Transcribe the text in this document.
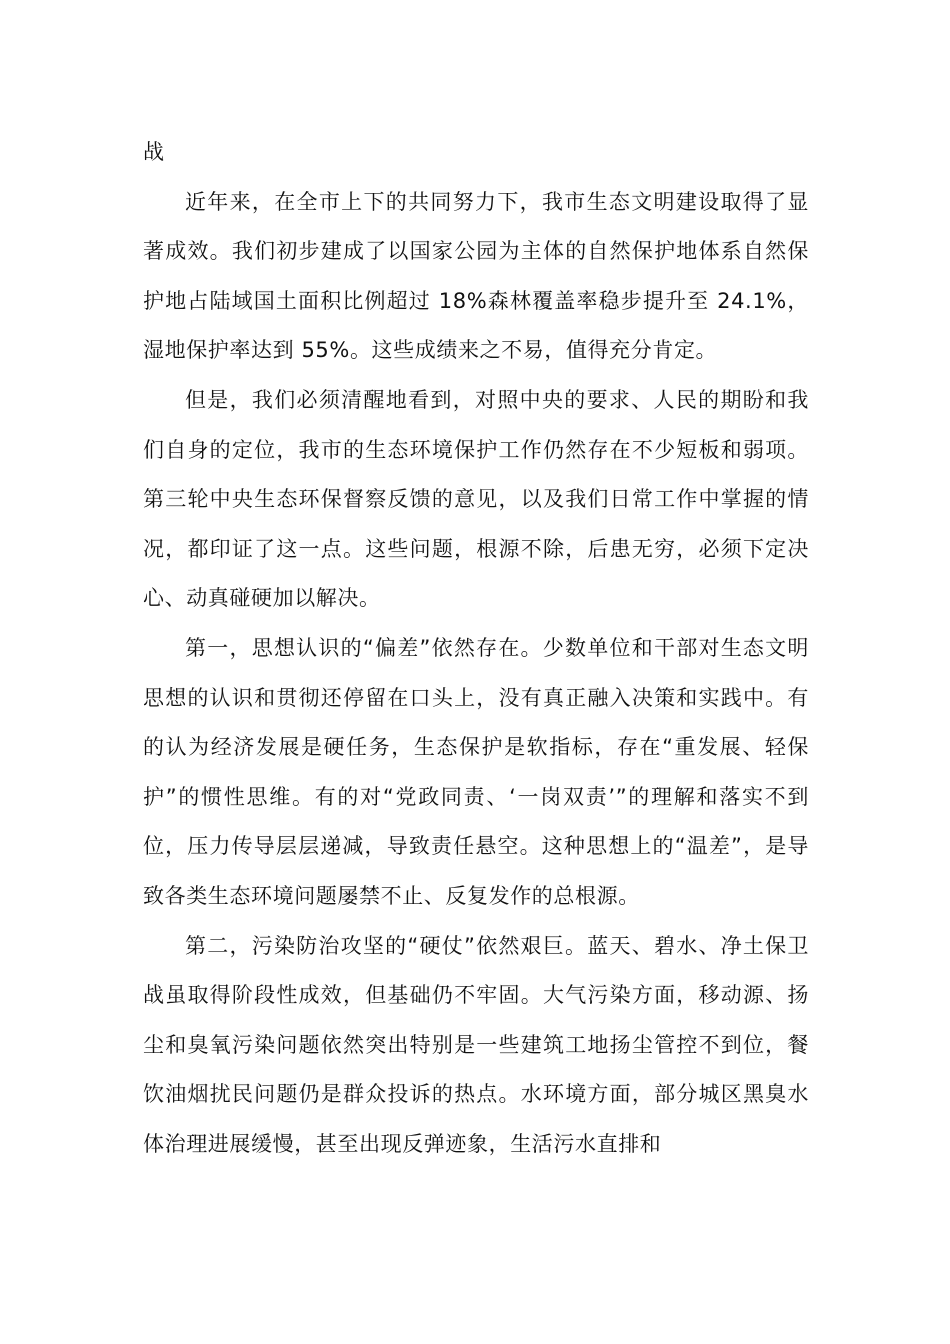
战

近年来，在全市上下的共同努力下，我市生态文明建设取得了显著成效。我们初步建成了以国家公园为主体的自然保护地体系自然保护地占陆域国土面积比例超过 18%森林覆盖率稳步提升至 24.1%，湿地保护率达到 55%。这些成绩来之不易，值得充分肯定。

但是，我们必须清醒地看到，对照中央的要求、人民的期盼和我们自身的定位，我市的生态环境保护工作仍然存在不少短板和弱项。第三轮中央生态环保督察反馈的意见，以及我们日常工作中掌握的情况，都印证了这一点。这些问题，根源不除，后患无穷，必须下定决心、动真碰硬加以解决。

第一，思想认识的“偏差”依然存在。少数单位和干部对生态文明思想的认识和贯彻还停留在口头上，没有真正融入决策和实践中。有的认为经济发展是硬任务，生态保护是软指标，存在“重发展、轻保护”的惯性思维。有的对“党政同责、‘一岗双责’”的理解和落实不到位，压力传导层层递减，导致责任悬空。这种思想上的“温差”，是导致各类生态环境问题屡禁不止、反复发作的总根源。

第二，污染防治攻坚的“硬仗”依然艰巨。蓝天、碧水、净土保卫战虽取得阶段性成效，但基础仍不牢固。大气污染方面，移动源、扬尘和臭氧污染问题依然突出特别是一些建筑工地扬尘管控不到位，餐饮油烟扰民问题仍是群众投诉的热点。水环境方面，部分城区黑臭水体治理进展缓慢，甚至出现反弹迹象，生活污水直排和
